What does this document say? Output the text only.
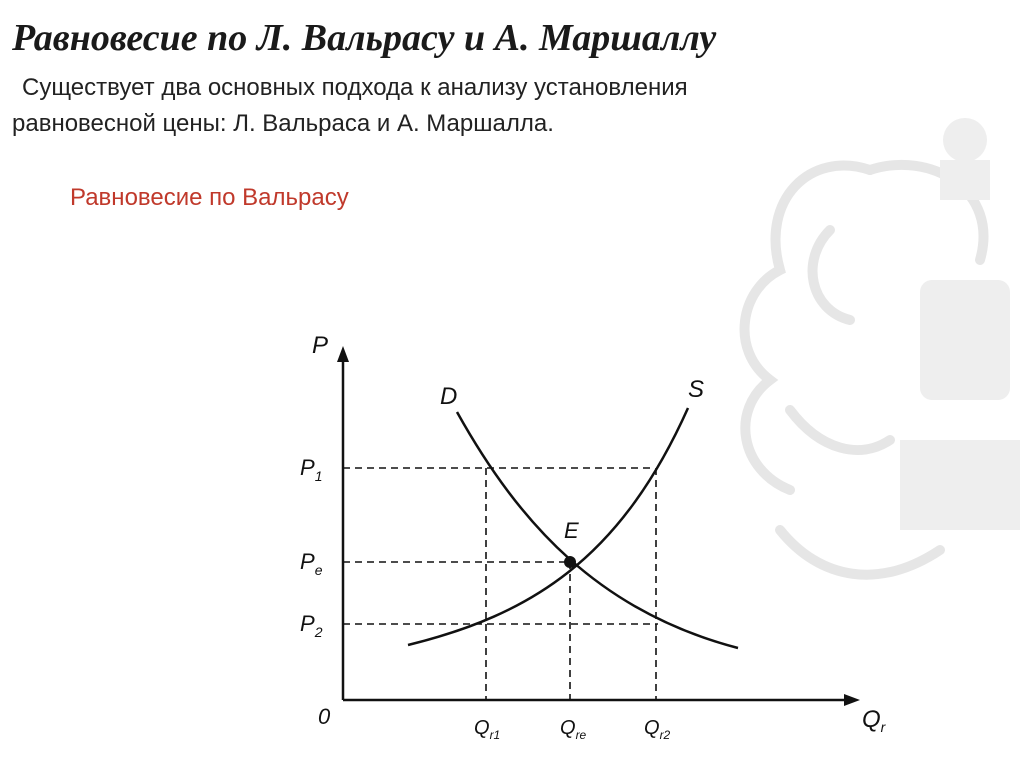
Равновесие по Л. Вальрасу и А. Маршаллу
Существует два основных подхода к анализу установления
равновесной цены: Л. Вальраса и А. Маршалла.
Равновесие по Вальрасу
P
$Q_r$
0
D	S
E
$P_1$
$P_e$
$P_2$
$Q_{r1}$	$Q_{re}$	$Q_{r2}$
